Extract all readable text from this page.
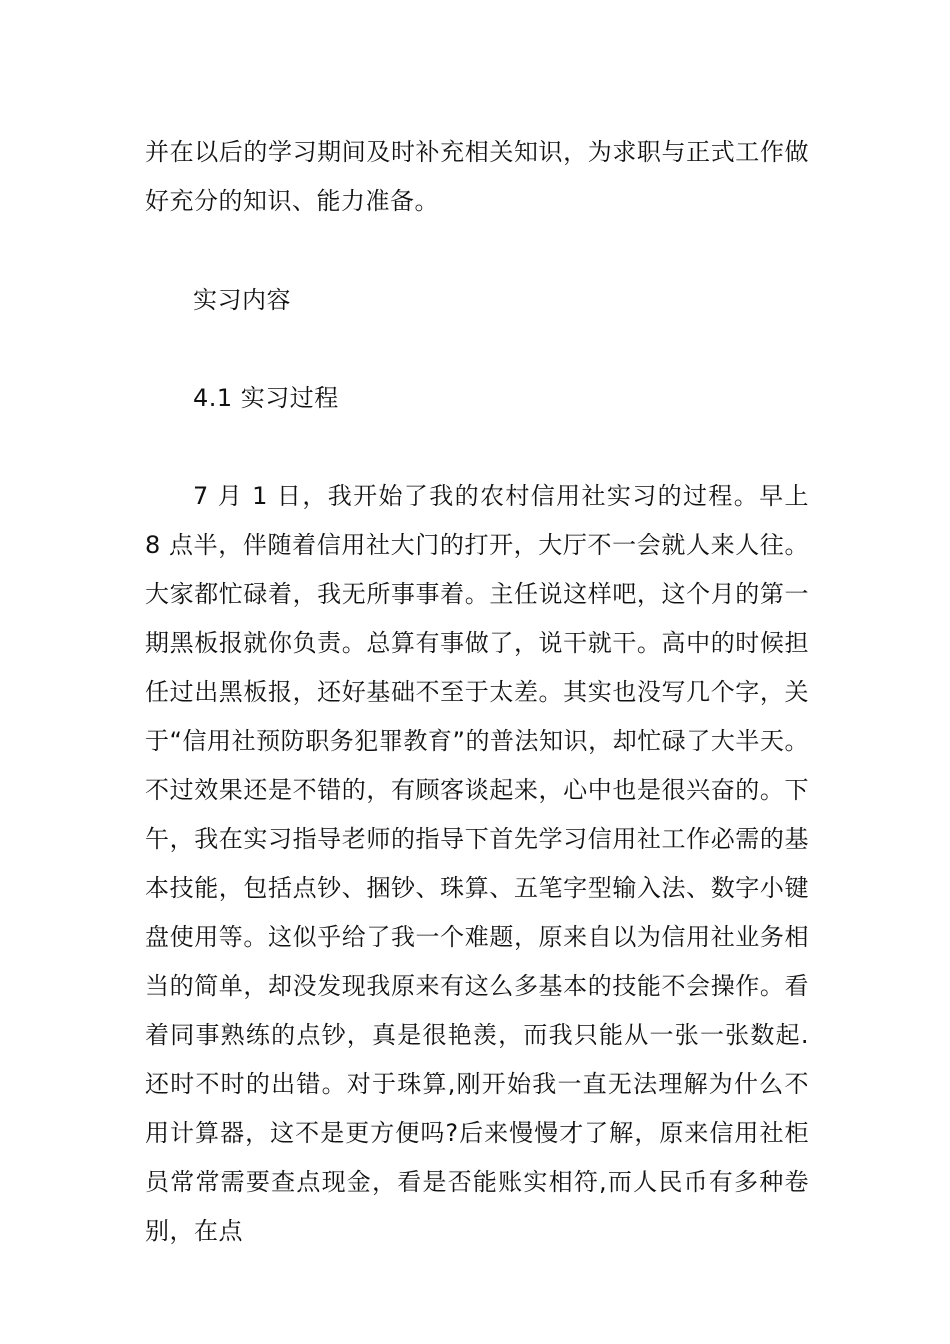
并在以后的学习期间及时补充相关知识，为求职与正式工作做好充分的知识、能力准备。

实习内容

4.1 实习过程

7 月 1 日，我开始了我的农村信用社实习的过程。早上 8 点半，伴随着信用社大门的打开，大厅不一会就人来人往。大家都忙碌着，我无所事事着。主任说这样吧，这个月的第一期黑板报就你负责。总算有事做了，说干就干。高中的时候担任过出黑板报，还好基础不至于太差。其实也没写几个字，关于“信用社预防职务犯罪教育”的普法知识，却忙碌了大半天。不过效果还是不错的，有顾客谈起来，心中也是很兴奋的。下午，我在实习指导老师的指导下首先学习信用社工作必需的基本技能，包括点钞、捆钞、珠算、五笔字型输入法、数字小键盘使用等。这似乎给了我一个难题，原来自以为信用社业务相当的简单，却没发现我原来有这么多基本的技能不会操作。看着同事熟练的点钞，真是很艳羡，而我只能从一张一张数起.还时不时的出错。对于珠算,刚开始我一直无法理解为什么不用计算器，这不是更方便吗?后来慢慢才了解，原来信用社柜员常常需要查点现金，看是否能账实相符,而人民币有多种卷别，在点
